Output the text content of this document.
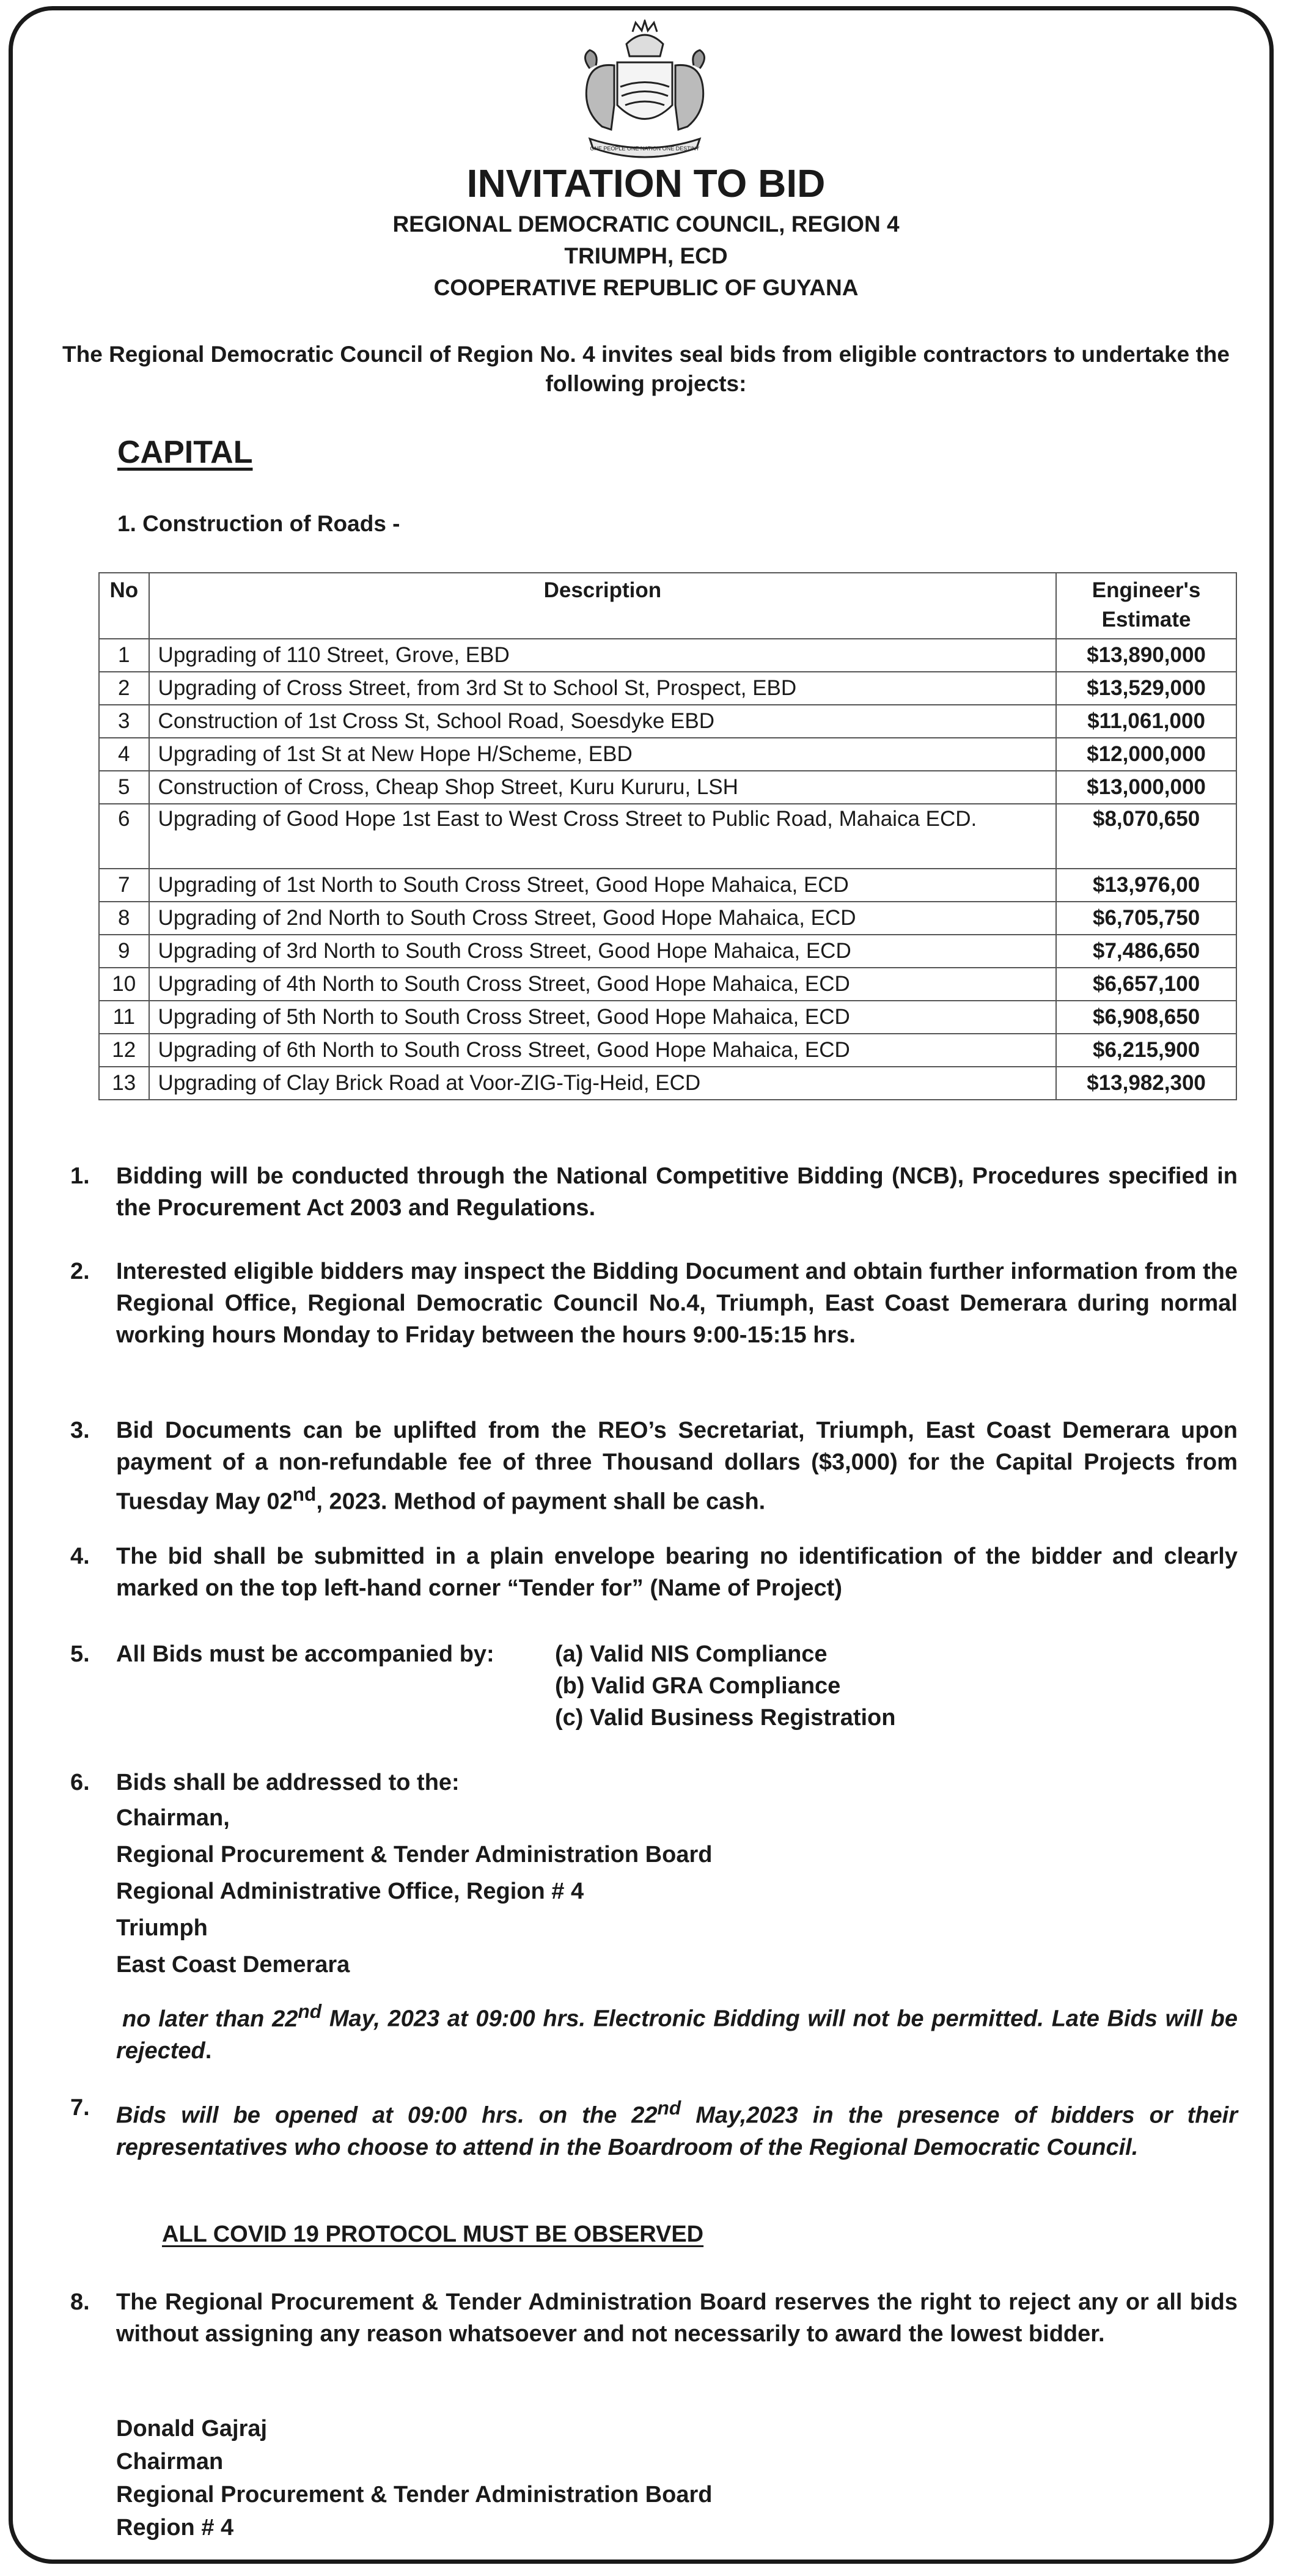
ONE PEOPLE ONE NATION ONE DESTINY
INVITATION TO BID
REGIONAL DEMOCRATIC COUNCIL, REGION 4
TRIUMPH, ECD
COOPERATIVE REPUBLIC OF GUYANA
The Regional Democratic Council of Region No. 4 invites seal bids from eligible contractors to undertake the following projects:
CAPITAL
1. Construction of Roads -
No	Description	Engineer's Estimate

1	Upgrading of 110 Street, Grove, EBD	$13,890,000
2	Upgrading of Cross Street, from 3rd St to School St, Prospect, EBD	$13,529,000
3	Construction of 1st Cross St, School Road, Soesdyke EBD	$11,061,000
4	Upgrading of 1st St at New Hope H/Scheme, EBD	$12,000,000
5	Construction of Cross, Cheap Shop Street, Kuru Kururu, LSH	$13,000,000
6	Upgrading of Good Hope 1st East to West Cross Street to Public Road, Mahaica ECD.	$8,070,650
7	Upgrading of 1st North to South Cross Street, Good Hope Mahaica, ECD	$13,976,00
8	Upgrading of 2nd North to South Cross Street, Good Hope Mahaica, ECD	$6,705,750
9	Upgrading of 3rd North to South Cross Street, Good Hope Mahaica, ECD	$7,486,650
10	Upgrading of 4th North to South Cross Street, Good Hope Mahaica, ECD	$6,657,100
11	Upgrading of 5th North to South Cross Street, Good Hope Mahaica, ECD	$6,908,650
12	Upgrading of 6th North to South Cross Street, Good Hope Mahaica, ECD	$6,215,900
13	Upgrading of Clay Brick Road at Voor-ZIG-Tig-Heid, ECD	$13,982,300
1. Bidding will be conducted through the National Competitive Bidding (NCB), Procedures specified in the Procurement Act 2003 and Regulations.
2. Interested eligible bidders may inspect the Bidding Document and obtain further information from the Regional Office, Regional Democratic Council No.4, Triumph, East Coast Demerara during normal working hours Monday to Friday between the hours 9:00-15:15 hrs.
3. Bid Documents can be uplifted from the REO’s Secretariat, Triumph, East Coast Demerara upon payment of a non-refundable fee of three Thousand dollars ($3,000) for the Capital Projects from Tuesday May 02nd, 2023. Method of payment shall be cash.
4. The bid shall be submitted in a plain envelope bearing no identification of the bidder and clearly marked on the top left-hand corner “Tender for” (Name of Project)
5. All Bids must be accompanied by:	(a) Valid NIS Compliance
(b) Valid GRA Compliance
(c) Valid Business Registration
6. Bids shall be addressed to the:
Chairman,
Regional Procurement & Tender Administration Board
Regional Administrative Office, Region # 4
Triumph
East Coast Demerara
no later than 22nd May, 2023 at 09:00 hrs. Electronic Bidding will not be permitted. Late Bids will be rejected.
7. Bids will be opened at 09:00 hrs. on the 22nd May,2023 in the presence of bidders or their representatives who choose to attend in the Boardroom of the Regional Democratic Council.
ALL COVID 19 PROTOCOL MUST BE OBSERVED
8. The Regional Procurement & Tender Administration Board reserves the right to reject any or all bids without assigning any reason whatsoever and not necessarily to award the lowest bidder.
Donald Gajraj
Chairman
Regional Procurement & Tender Administration Board
Region # 4
